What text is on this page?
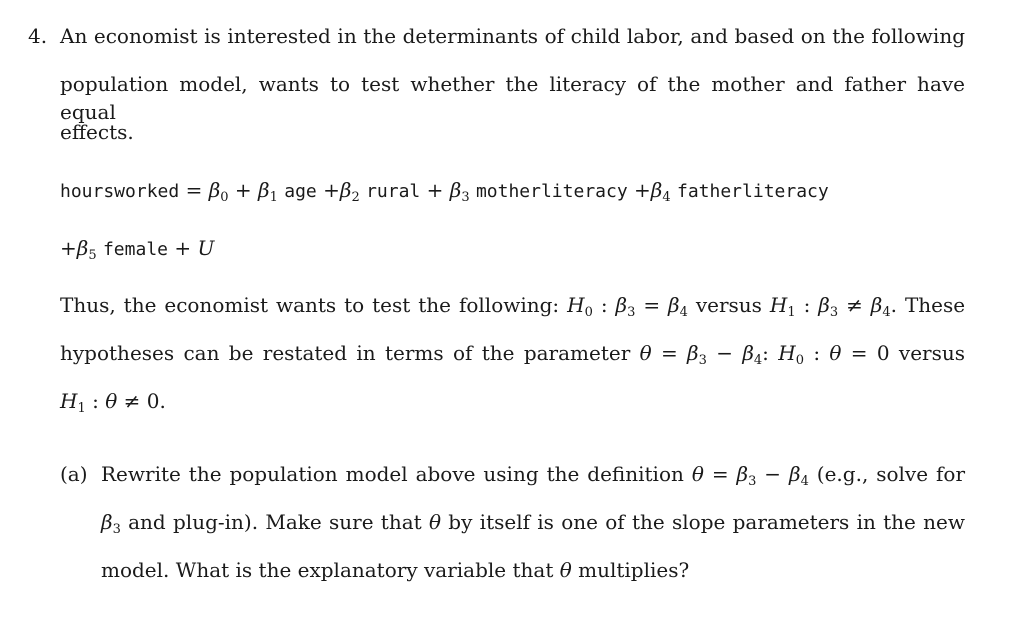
4. An economist is interested in the determinants of child labor, and based on the following
population model, wants to test whether the literacy of the mother and father have equal
effects.
hoursworked = $\beta_0 + \beta_1$ age $+\beta_2$ rural + $\beta_3$ motherliteracy $+\beta_4$ fatherliteracy
$+\beta_5$ female + U
Thus, the economist wants to test the following: $H_0$ : $\beta_3 = \beta_4$ versus $H_1$ : $\beta_3 \ne \beta_4$. These
hypotheses can be restated in terms of the parameter $\theta = \beta_3 - \beta_4$: $H_0$ : θ = 0 versus
$H_1$ : θ ≠ 0.
(a) Rewrite the population model above using the definition $\theta = \beta_3 - \beta_4$ (e.g., solve for
$\beta_3$ and plug-in). Make sure that θ by itself is one of the slope parameters in the new
model. What is the explanatory variable that θ multiplies?
